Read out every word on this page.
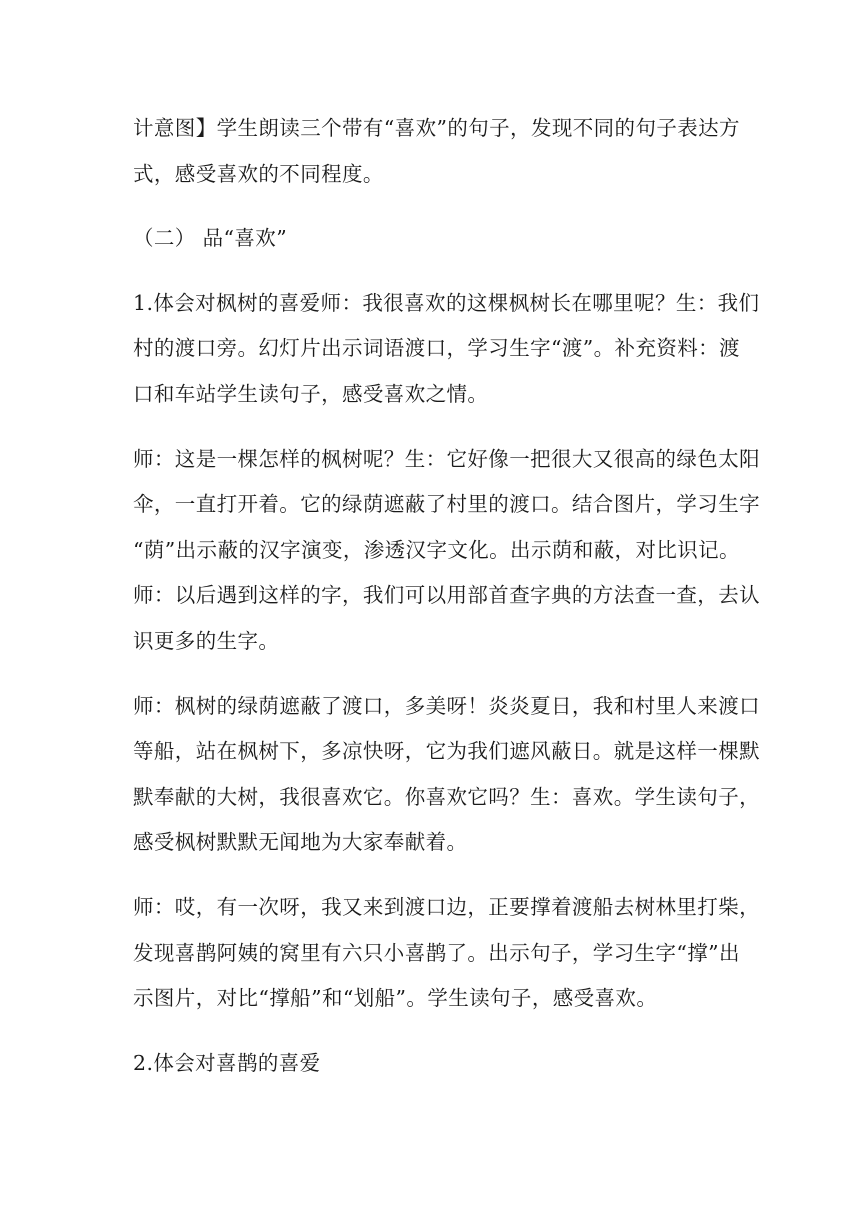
计意图】学生朗读三个带有“喜欢”的句子，发现不同的句子表达方
式，感受喜欢的不同程度。

（二） 品“喜欢”

1.体会对枫树的喜爱师：我很喜欢的这棵枫树长在哪里呢？生：我们
村的渡口旁。幻灯片出示词语渡口，学习生字“渡”。补充资料：渡
口和车站学生读句子，感受喜欢之情。

师：这是一棵怎样的枫树呢？生：它好像一把很大又很高的绿色太阳
伞，一直打开着。它的绿荫遮蔽了村里的渡口。结合图片，学习生字
“荫”出示蔽的汉字演变，渗透汉字文化。出示荫和蔽，对比识记。
师：以后遇到这样的字，我们可以用部首查字典的方法查一查，去认
识更多的生字。

师：枫树的绿荫遮蔽了渡口，多美呀！炎炎夏日，我和村里人来渡口
等船，站在枫树下，多凉快呀，它为我们遮风蔽日。就是这样一棵默
默奉献的大树，我很喜欢它。你喜欢它吗？生：喜欢。学生读句子，
感受枫树默默无闻地为大家奉献着。

师：哎，有一次呀，我又来到渡口边，正要撑着渡船去树林里打柴，
发现喜鹊阿姨的窝里有六只小喜鹊了。出示句子，学习生字“撑”出
示图片，对比“撑船”和“划船”。学生读句子，感受喜欢。

2.体会对喜鹊的喜爱
